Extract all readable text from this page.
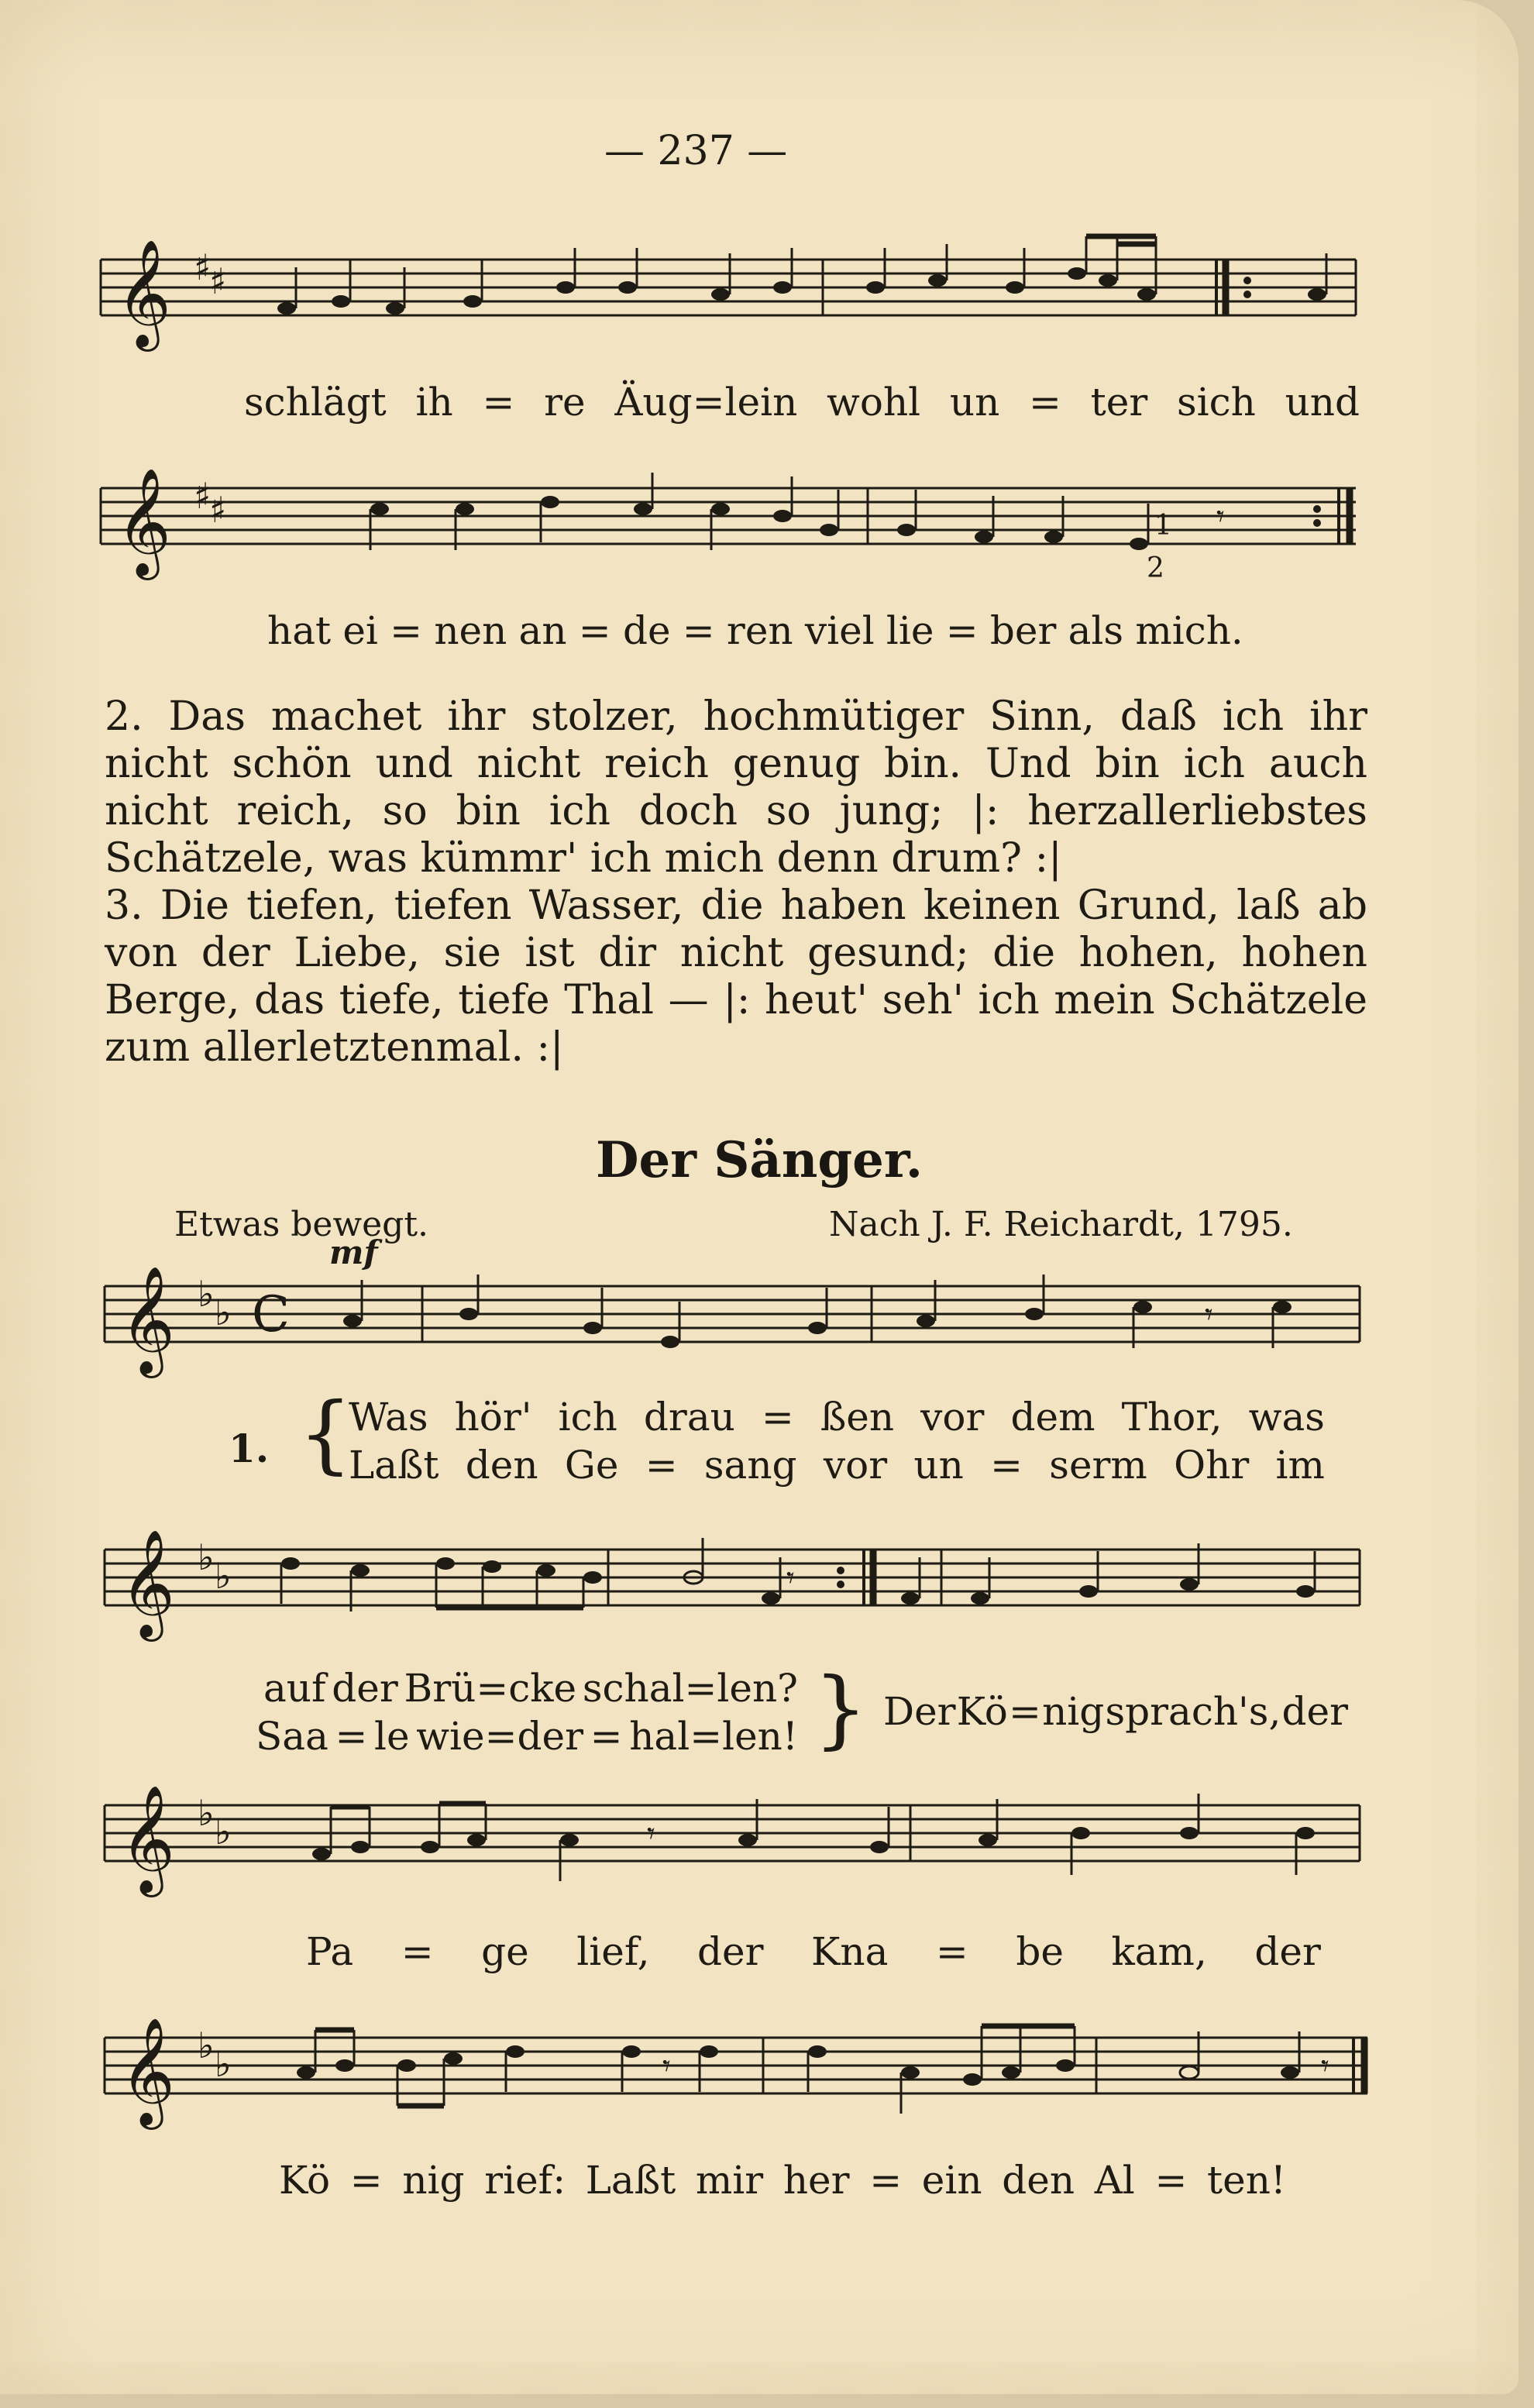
— 237 —
𝄞 ♯
♯
schlägt ih = re Äug=lein wohl un = ter sich und
𝄞 ♯
♯
2
1 𝄾
hat ei = nen an = de = ren viel lie = ber als mich.

2. Das machet ihr stolzer, hochmütiger Sinn, daß ich ihr nicht schön und nicht reich genug bin. Und bin ich auch nicht reich, so bin ich doch so jung; |: herzallerliebstes Schätzele, was kümmr' ich mich denn drum? :|

3. Die tiefen, tiefen Wasser, die haben keinen Grund, laß ab von der Liebe, sie ist dir nicht gesund; die hohen, hohen Berge, das tiefe, tiefe Thal — |: heut' seh' ich mein Schätzele zum allerletztenmal. :|

Der Sänger.
Etwas bewegt.	Nach J. F. Reichardt, 1795.
mf
𝄞 ♭ ♭ C	𝄾
1. {
Was hör' ich drau = ßen vor dem Thor, was
Laßt den Ge = sang vor un = serm Ohr im
𝄞 ♭ ♭	𝄾
auf der Brü=cke schal=len?
Saa = le wie=der = hal=len! } Der Kö = nig sprach's, der
𝄞 ♭ ♭	𝄾
Pa = ge lief, der Kna = be kam, der
𝄞 ♭ ♭	𝄾	𝄾
Kö = nig rief: Laßt mir her = ein den Al = ten!
